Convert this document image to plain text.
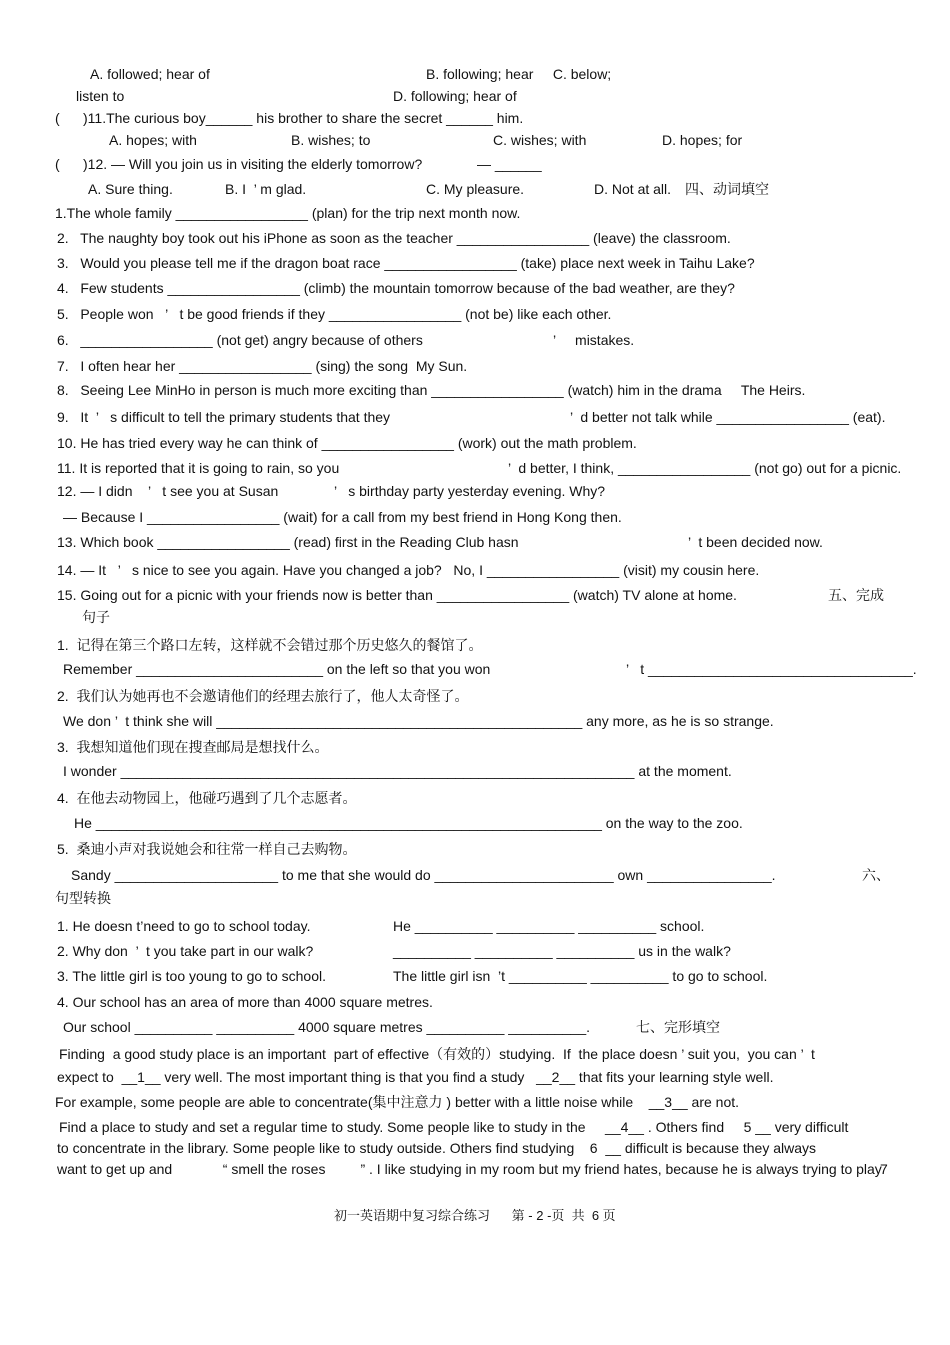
A. followed; hear of	B. following; hear     C. below;
listen to	D. following; hear of
(      )11.The curious boy______ his brother to share the secret ______ him.
A. hopes; with	B. wishes; to	C. wishes; with	D. hopes; for
(      )12. — Will you join us in visiting the elderly tomorrow?	— ______
A. Sure thing.	B. I  ’ m glad.	C. My pleasure.	D. Not at all. 四、动词填空
1.The whole family _________________ (plan) for the trip next month now.
2.   The naughty boy took out his iPhone as soon as the teacher _________________ (leave) the classroom.
3.   Would you please tell me if the dragon boat race _________________ (take) place next week in Taihu Lake?
4.   Few students _________________ (climb) the mountain tomorrow because of the bad weather, are they?
5.   People won   ’   t be good friends if they _________________ (not be) like each other.
6.   _________________ (not get) angry because of others	’     mistakes.
7.   I often hear her _________________ (sing) the song  My Sun.
8.   Seeing Lee MinHo in person is much more exciting than _________________ (watch) him in the drama     The Heirs.
9.   It  ’   s difficult to tell the primary students that they	’  d better not talk while _________________ (eat).
10. He has tried every way he can think of _________________ (work) out the math problem.
11. It is reported that it is going to rain, so you	’  d better, I think, _________________ (not go) out for a picnic.
12. — I didn    ’   t see you at Susan	’   s birthday party yesterday evening. Why?
— Because I _________________ (wait) for a call from my best friend in Hong Kong then.
13. Which book _________________ (read) first in the Reading Club hasn	’  t been decided now.
14. — It   ’   s nice to see you again. Have you changed a job?   No, I _________________ (visit) my cousin here.
15. Going out for a picnic with your friends now is better than _________________ (watch) TV alone at home.	五、完成
句子
1.  记得在第三个路口左转，这样就不会错过那个历史悠久的餐馆了。
Remember ________________________ on the left so that you won	’   t __________________________________.
2.  我们认为她再也不会邀请他们的经理去旅行了，他人太奇怪了。
We don ’  t think she will _______________________________________________ any more, as he is so strange.
3.  我想知道他们现在搜查邮局是想找什么。
I wonder __________________________________________________________________ at the moment.
4.  在他去动物园上，他碰巧遇到了几个志愿者。
He _________________________________________________________________ on the way to the zoo.
5.  桑迪小声对我说她会和往常一样自己去购物。
Sandy _____________________ to me that she would do _______________________ own ________________.	六、
句型转换
1. He doesn t’need to go to school today.	He __________ __________ __________ school.
2. Why don  ’  t you take part in our walk?	__________ __________ __________ us in the walk?
3. The little girl is too young to go to school.	The little girl isn  ’t __________ __________ to go to school.
4. Our school has an area of more than 4000 square metres.
Our school __________ __________ 4000 square metres __________ __________.	七、完形填空
Finding  a good study place is an important  part of effective（有效的）studying.  If  the place doesn ’ suit you,  you can ’  t
expect to  __1__ very well. The most important thing is that you find a study   __2__ that fits your learning style well.
For example, some people are able to concentrate(集中注意力 ) better with a little noise while    __3__ are not.
Find a place to study and set a regular time to study. Some people like to study in the     __4__ . Others find     5 __ very difficult
to concentrate in the library. Some people like to study outside. Others find studying    6  __ difficult is because they always
want to get up and             “ smell the roses         ” . I like studying in my room but my friend hates, because he is always trying to play
7
初一英语期中复习综合练习      第 - 2 -页  共  6 页
